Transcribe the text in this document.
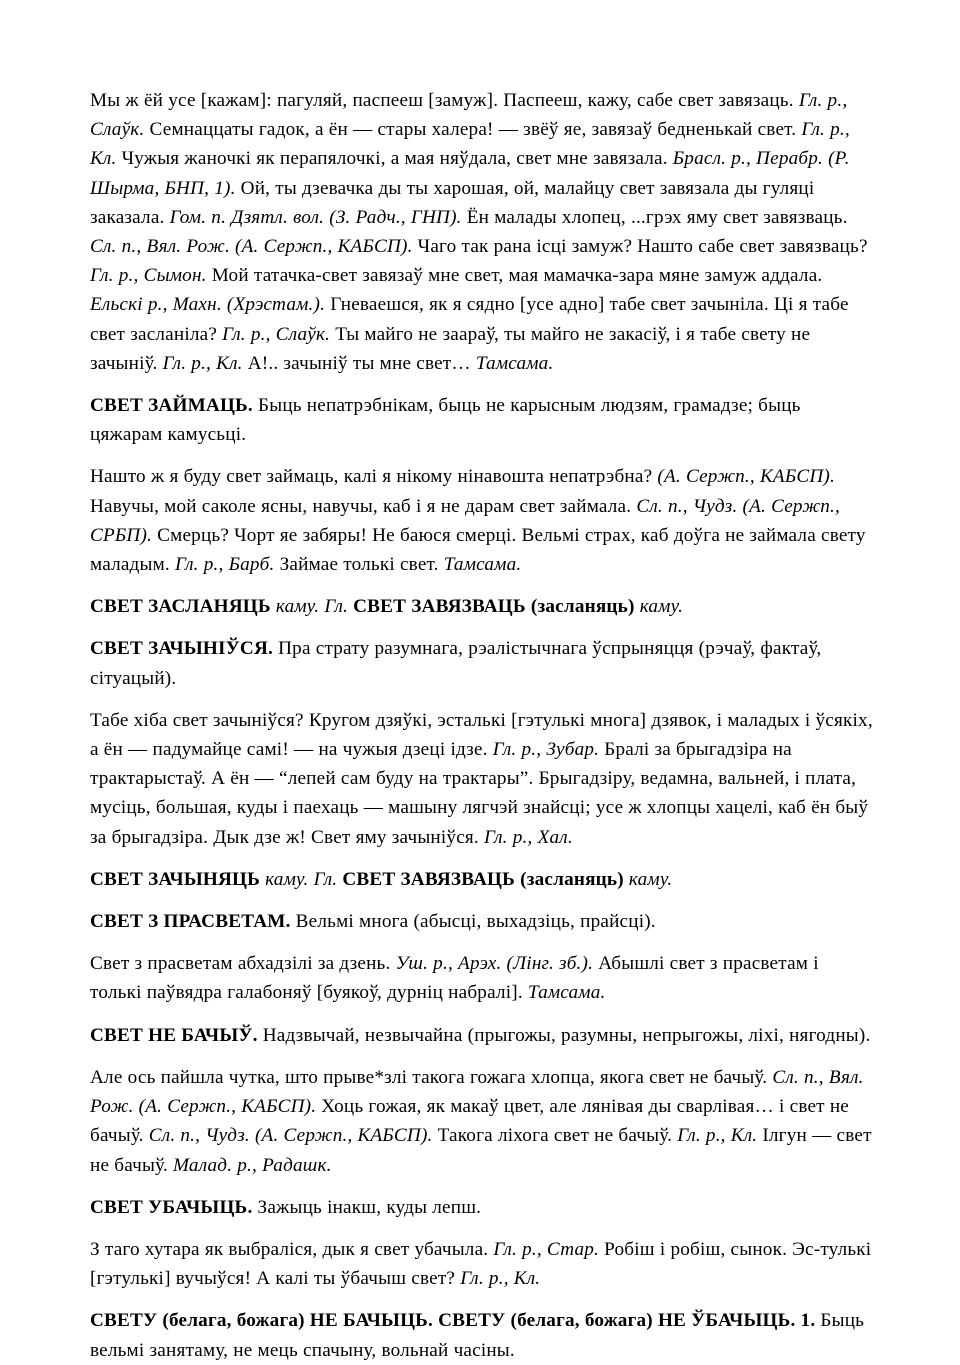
Мы ж ёй усе [кажам]: пагуляй, паспееш [замуж]. Паспееш, кажу, сабе свет завязаць. Гл. р., Слаўк. Семнаццаты гадок, а ён — стары халера! — звёў яе, завязаў бедненькай свет. Гл. р., Кл. Чужыя жаночкі як перапялочкі, а мая няўдала, свет мне завязала. Брасл. р., Перабр. (Р. Шырма, БНП, 1). Ой, ты дзевачка ды ты харошая, ой, малайцу свет завязала ды гуляці заказала. Гом. п. Дзятл. вол. (З. Радч., ГНП). Ён малады хлопец, ...грэх яму свет завязваць. Сл. п., Вял. Рож. (А. Сержп., КАБСП). Чаго так рана ісці замуж? Нашто сабе свет завязваць? Гл. р., Сымон. Мой татачка-свет завязаў мне свет, мая мамачка-зара мяне замуж аддала. Ельскі р., Махн. (Хрэстам.). Гневаешся, як я сядно [усе адно] табе свет зачыніла. Ці я табе свет засланіла? Гл. р., Слаўк. Ты майго не заараў, ты майго не закасіў, і я табе свету не зачыніў. Гл. р., Кл. А!.. зачыніў ты мне свет… Тамсама.

СВЕТ ЗАЙМАЦЬ. Быць непатрэбнікам, быць не карысным людзям, грамадзе; быць цяжарам камусьці.

Нашто ж я буду свет займаць, калі я нікому нінавошта непатрэбна? (А. Сержп., КАБСП). Навучы, мой саколе ясны, навучы, каб і я не дарам свет займала. Сл. п., Чудз. (А. Сержп., СРБП). Смерць? Чорт яе забяры! Не баюся смерці. Вельмі страх, каб доўга не займала свету маладым. Гл. р., Барб. Займае толькі свет. Тамсама.

СВЕТ ЗАСЛАНЯЦЬ каму. Гл. СВЕТ ЗАВЯЗВАЦЬ (засланяць) каму.

СВЕТ ЗАЧЫНІЎСЯ. Пра страту разумнага, рэалістычнага ўспрыняцця (рэчаў, фактаў, сітуацый).

Табе хіба свет зачыніўся? Кругом дзяўкі, эсталькі [гэтулькі многа] дзявок, і маладых і ўсякіх, а ён — падумайце самі! — на чужыя дзеці ідзе. Гл. р., Зубар. Бралі за брыгадзіра на трактарыстаў. А ён — “лепей сам буду на трактары”. Брыгадзіру, ведамна, вальней, і плата, мусіць, большая, куды і паехаць — машыну лягчэй знайсці; усе ж хлопцы хацелі, каб ён быў за брыгадзіра. Дык дзе ж! Свет яму зачыніўся. Гл. р., Хал.

СВЕТ ЗАЧЫНЯЦЬ каму. Гл. СВЕТ ЗАВЯЗВАЦЬ (засланяць) каму.

СВЕТ З ПРАСВЕТАМ. Вельмі многа (абысці, выхадзіць, прайсці).

Свет з прасветам абхадзілі за дзень. Уш. р., Арэх. (Лінг. зб.). Абышлі свет з прасветам і толькі паўвядра галабоняў [буякоў, дурніц набралі]. Тамсама.

СВЕТ НЕ БАЧЫЎ. Надзвычай, незвычайна (прыгожы, разумны, непрыгожы, ліхі, нягодны).

Але ось пайшла чутка, што прыве*злі такога гожага хлопца, якога свет не бачыў. Сл. п., Вял. Рож. (А. Сержп., КАБСП). Хоць гожая, як макаў цвет, але лянівая ды сварлівая… і свет не бачыў. Сл. п., Чудз. (А. Сержп., КАБСП). Такога ліхога свет не бачыў. Гл. р., Кл. Ілгун — свет не бачыў. Малад. р., Радашк.

СВЕТ УБАЧЫЦЬ. Зажыць інакш, куды лепш.

З таго хутара як выбраліся, дык я свет убачыла. Гл. р., Стар. Робіш і робіш, сынок. Эс-тулькі [гэтулькі] вучыўся! А калі ты ўбачыш свет? Гл. р., Кл.

СВЕТУ (белага, божага) НЕ БАЧЫЦЬ. СВЕТУ (белага, божага) НЕ ЎБАЧЫЦЬ. 1. Быць вельмі занятаму, не мець спачыну, вольнай часіны.
